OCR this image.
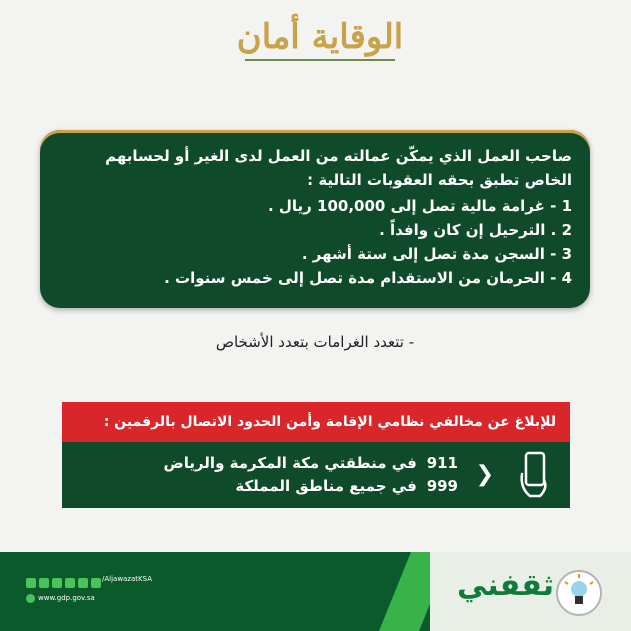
الوقاية أمان
صاحب العمل الذي يمكّن عمالته من العمل لدى الغير أو لحسابهم الخاص تطبق بحقه العقوبات التالية :
1 - غرامة مالية تصل إلى 100,000 ريال .
2 . الترحيل إن كان وافداً .
3 - السجن مدة تصل إلى ستة أشهر .
4 - الحرمان من الاستقدام مدة تصل إلى خمس سنوات .
- تتعدد الغرامات بتعدد الأشخاص
للإبلاغ عن مخالفي نظامي الإقامة وأمن الحدود الاتصال بالرقمين :
❮
911 في منطقتي مكة المكرمة والرياض
999 في جميع مناطق المملكة
/AljawazatKSA
www.gdp.gov.sa	ثقفني
